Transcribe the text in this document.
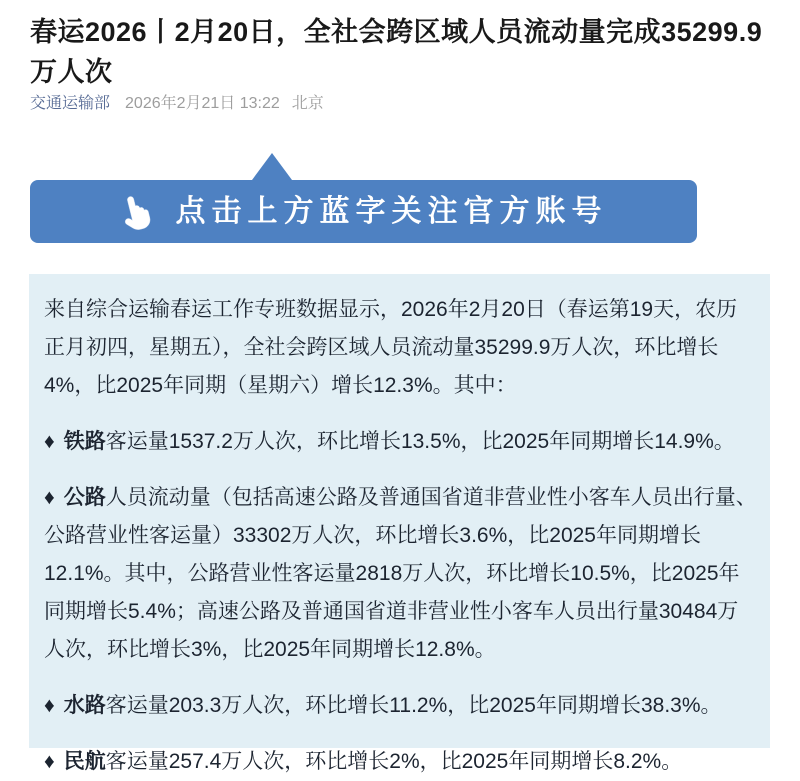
春运2026丨2月20日，全社会跨区域人员流动量完成35299.9万人次
交通运输部 2026年2月21日 13:22 北京
点击上方蓝字关注官方账号

来自综合运输春运工作专班数据显示，2026年2月20日（春运第19天，农历正月初四，星期五），全社会跨区域人员流动量35299.9万人次，环比增长4%，比2025年同期（星期六）增长12.3%。其中：

♦ 铁路客运量1537.2万人次，环比增长13.5%，比2025年同期增长14.9%。

♦ 公路人员流动量（包括高速公路及普通国省道非营业性小客车人员出行量、公路营业性客运量）33302万人次，环比增长3.6%，比2025年同期增长12.1%。其中，公路营业性客运量2818万人次，环比增长10.5%，比2025年同期增长5.4%；高速公路及普通国省道非营业性小客车人员出行量30484万人次，环比增长3%，比2025年同期增长12.8%。

♦ 水路客运量203.3万人次，环比增长11.2%，比2025年同期增长38.3%。

♦ 民航客运量257.4万人次，环比增长2%，比2025年同期增长8.2%。
